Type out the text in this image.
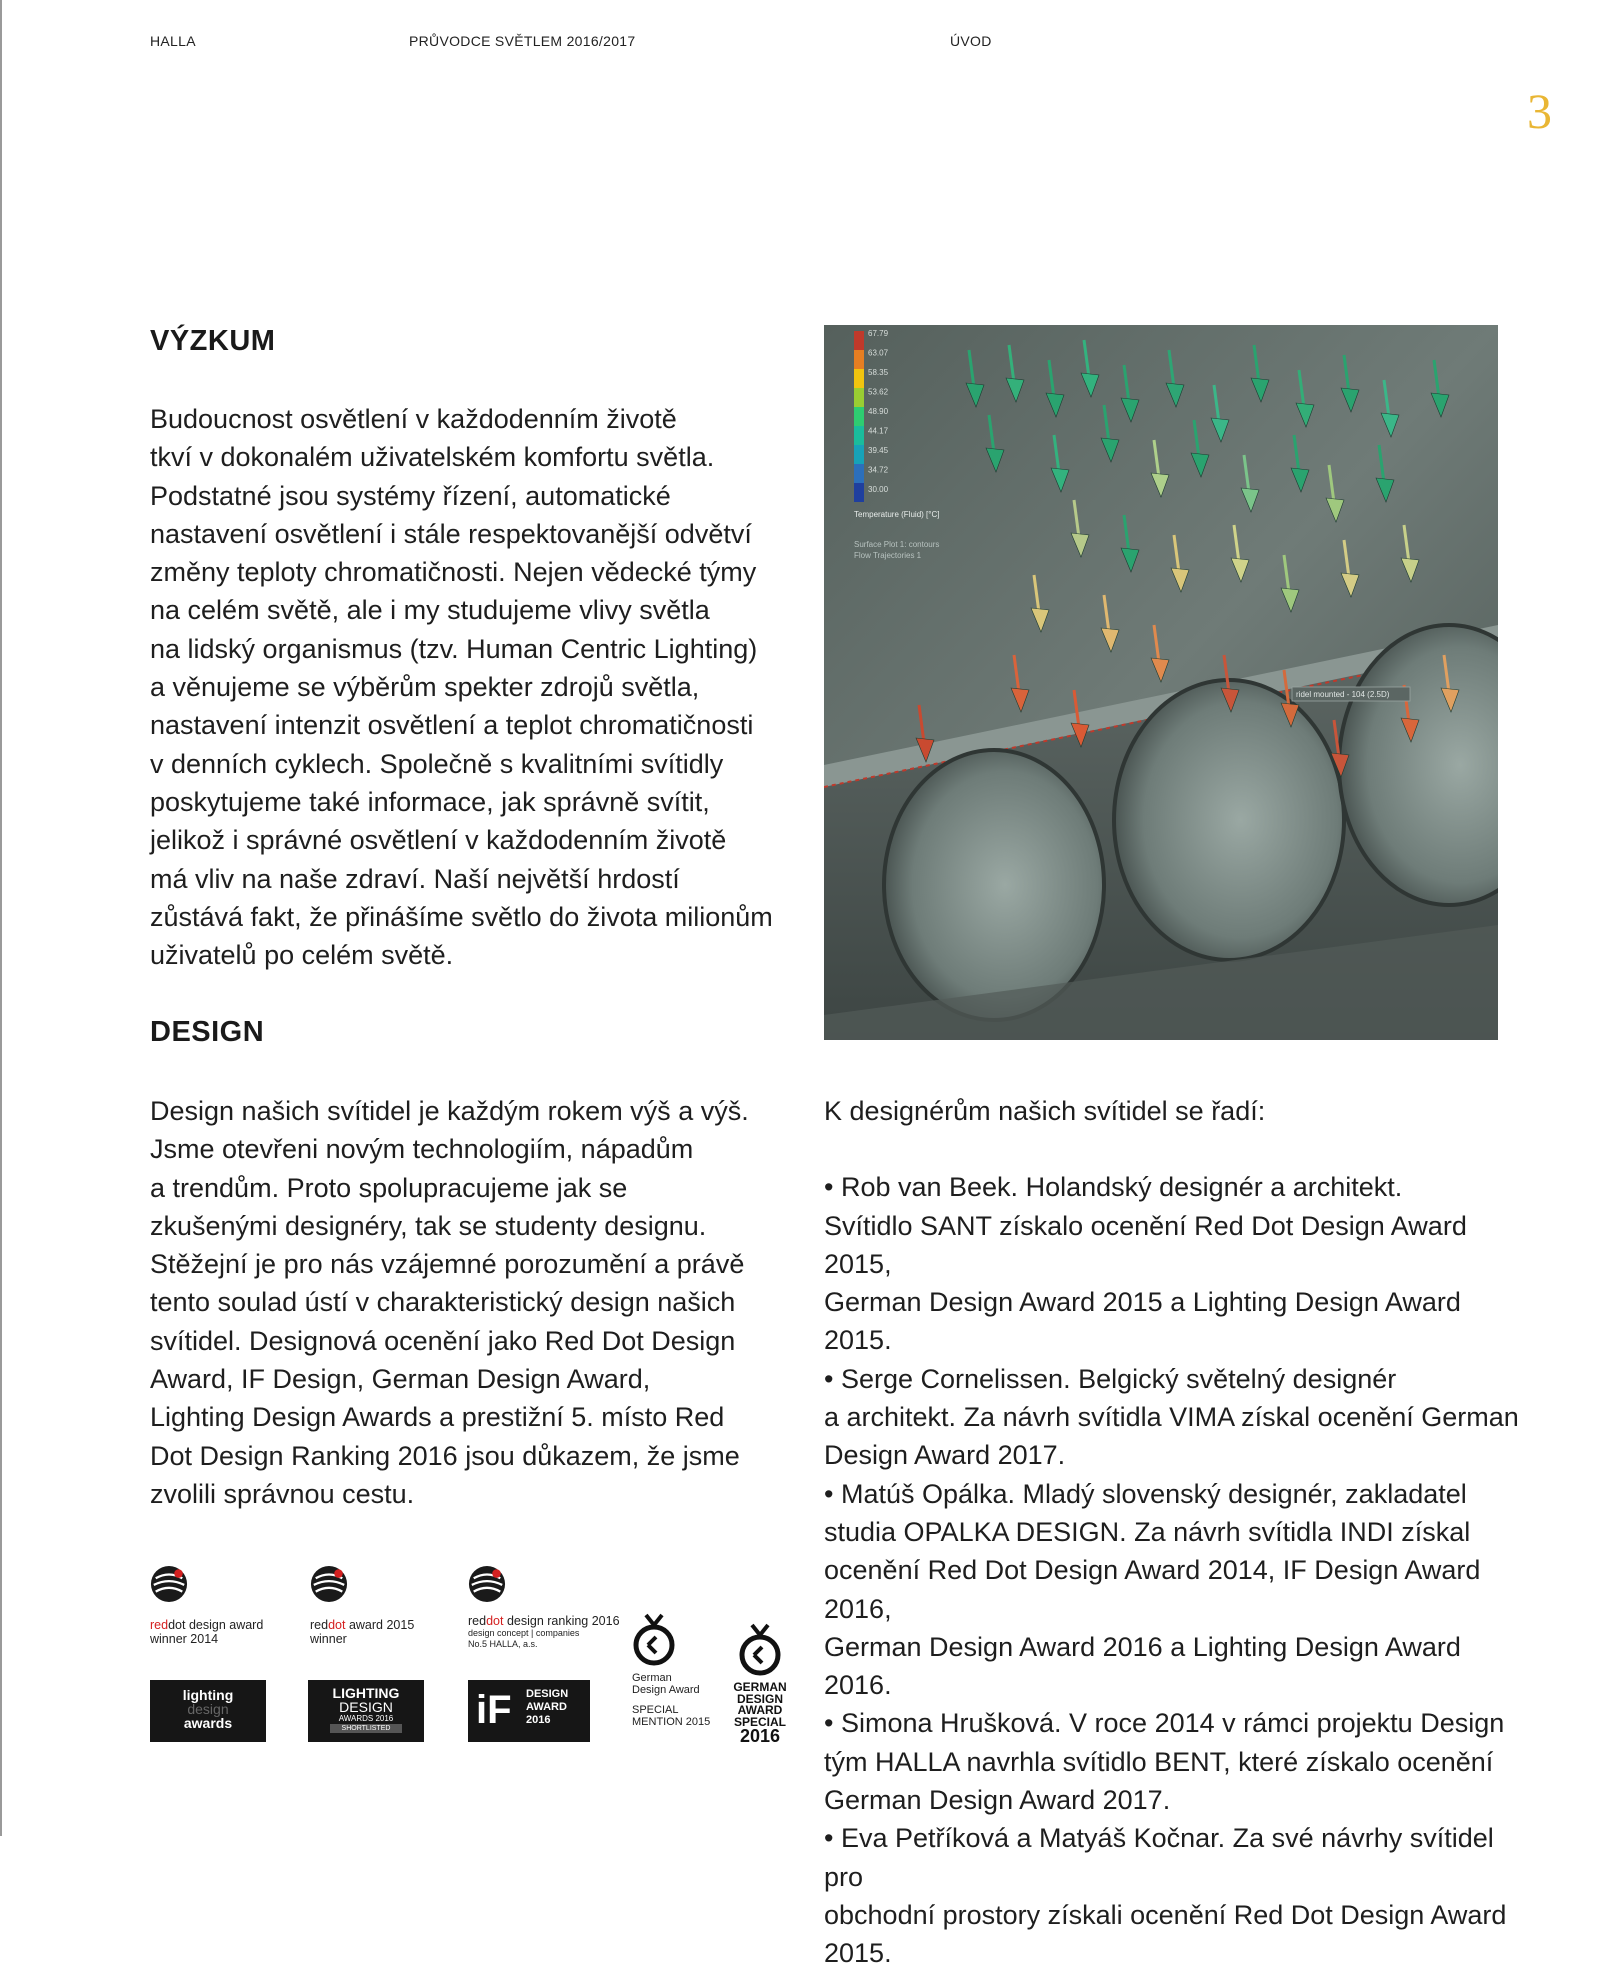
HALLA	PRŮVODCE SVĚTLEM 2016/2017	ÚVOD
3
VÝZKUM

Budoucnost osvětlení v každodenním životě
tkví v dokonalém uživatelském komfortu světla.
Podstatné jsou systémy řízení, automatické
nastavení osvětlení i stále respektovanější odvětví
změny teploty chromatičnosti. Nejen vědecké týmy
na celém světě, ale i my studujeme vlivy světla
na lidský organismus (tzv. Human Centric Lighting)
a věnujeme se výběrům spekter zdrojů světla,
nastavení intenzit osvětlení a teplot chromatičnosti
v denních cyklech. Společně s kvalitními svítidly
poskytujeme také informace, jak správně svítit,
jelikož i správné osvětlení v každodenním životě
má vliv na naše zdraví. Naší největší hrdostí
zůstává fakt, že přinášíme světlo do života milionům
uživatelů po celém světě.

DESIGN

Design našich svítidel je každým rokem výš a výš.
Jsme otevřeni novým technologiím, nápadům
a trendům. Proto spolupracujeme jak se
zkušenými designéry, tak se studenty designu.
Stěžejní je pro nás vzájemné porozumění a právě
tento soulad ústí v charakteristický design našich
svítidel. Designová ocenění jako Red Dot Design
Award, IF Design, German Design Award,
Lighting Design Awards a prestižní 5. místo Red
Dot Design Ranking 2016 jsou důkazem, že jsme
zvolili správnou cestu.

67.79
63.07
58.35
53.62
48.90
44.17
39.45
34.72
30.00
Temperature (Fluid) [°C]
Surface Plot 1: contours
Flow Trajectories 1
ridel mounted - 104 (2.5D)

K designérům našich svítidel se řadí:

• Rob van Beek. Holandský designér a architekt.
Svítidlo SANT získalo ocenění Red Dot Design Award 2015,
German Design Award 2015 a Lighting Design Award 2015.
• Serge Cornelissen. Belgický světelný designér
a architekt. Za návrh svítidla VIMA získal ocenění German
Design Award 2017.
• Matúš Opálka. Mladý slovenský designér, zakladatel
studia OPALKA DESIGN. Za návrh svítidla INDI získal
ocenění Red Dot Design Award 2014, IF Design Award 2016,
German Design Award 2016 a Lighting Design Award 2016.
• Simona Hrušková. V roce 2014 v rámci projektu Design
tým HALLA navrhla svítidlo BENT, které získalo ocenění
German Design Award 2017.
• Eva Petříková a Matyáš Kočnar. Za své návrhy svítidel pro
obchodní prostory získali ocenění Red Dot Design Award 2015.
reddot design award
winner 2014
reddot award 2015
winner
reddot design ranking 2016
design concept | companies
No.5 HALLA, a.s.
German
Design Award
SPECIAL
MENTION 2015
GERMAN
DESIGN
AWARD
SPECIAL
2016
lighting
design
awards
LIGHTING
DESIGN
AWARDS 2016
SHORTLISTED iF DESIGN
AWARD
2016
